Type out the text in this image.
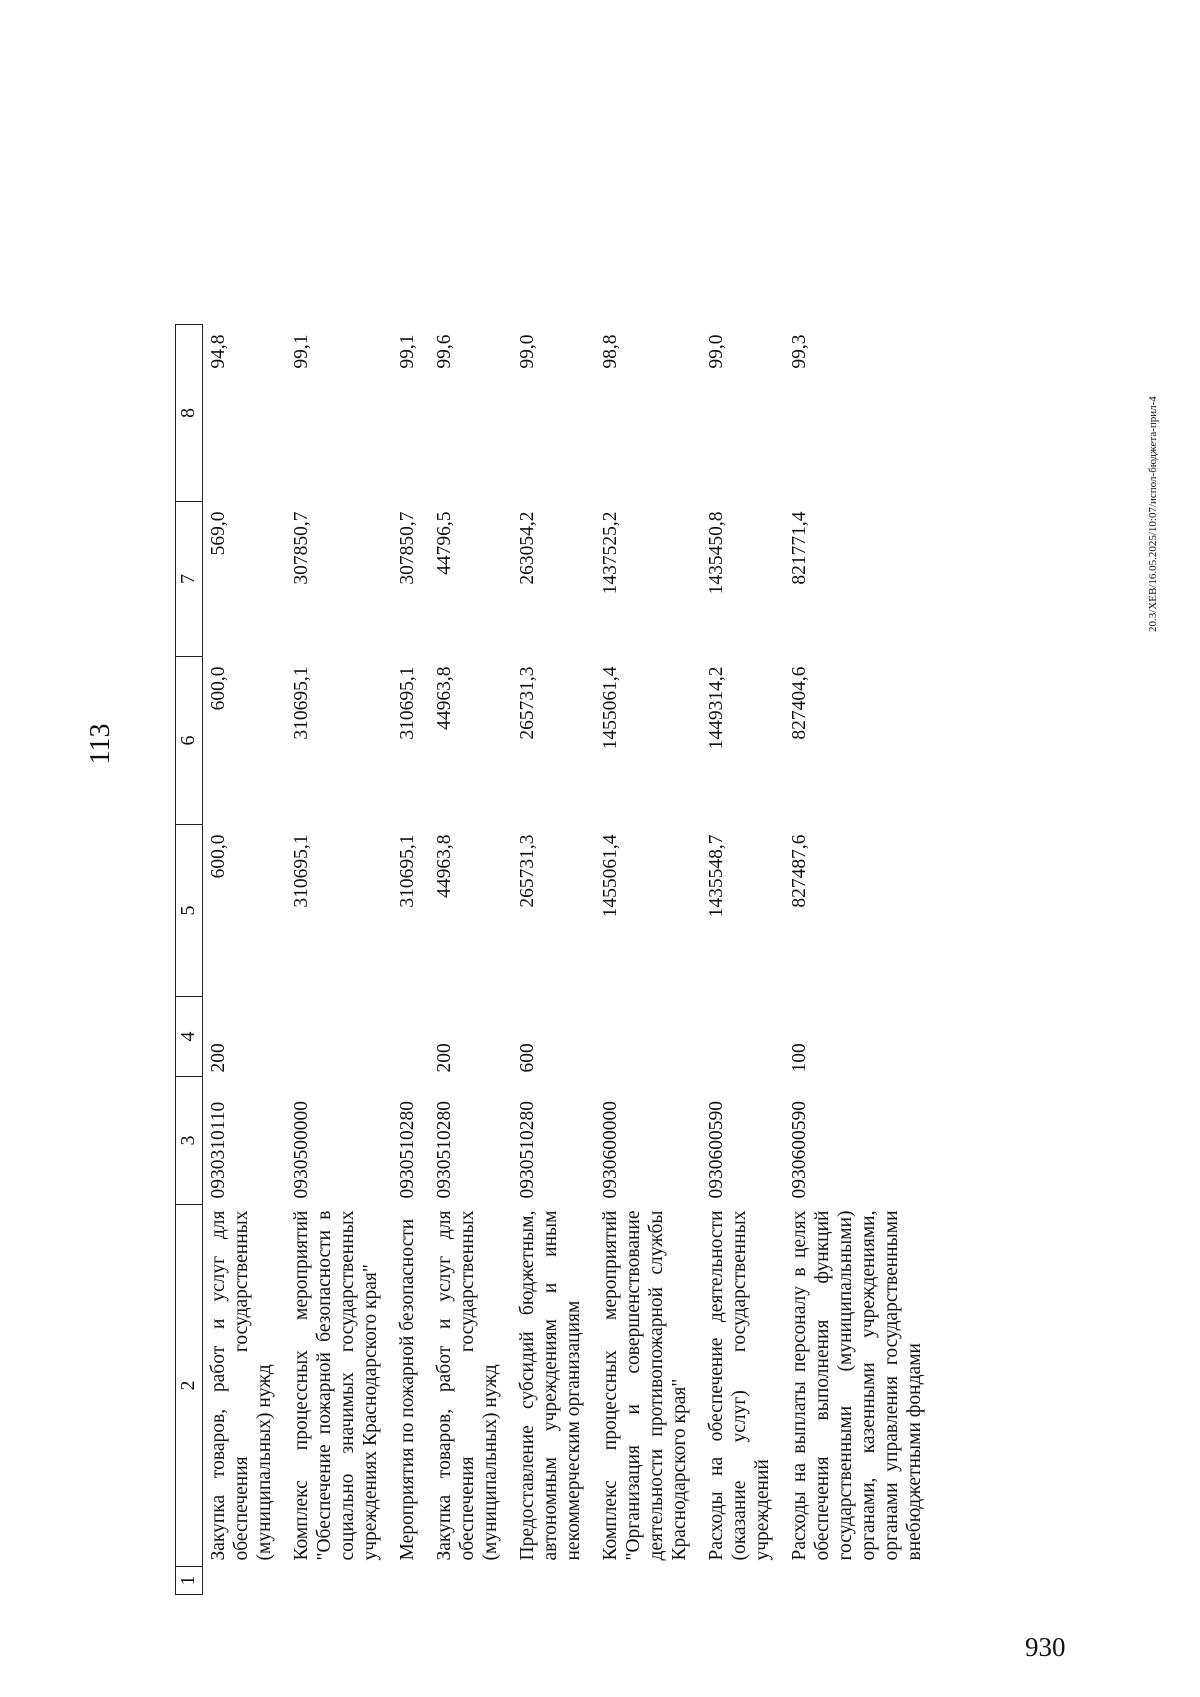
113
1	2	3	4	5	6	7	8
	Закупка товаров, работ и услуг для обеспечения государственных (муниципальных) нужд	0930310110	200	600,0	600,0	569,0	94,8
	Комплекс процессных мероприятий "Обеспечение пожарной безопасности в социально значимых государственных учреждениях Краснодарского края"	0930500000		310695,1	310695,1	307850,7	99,1
	Мероприятия по пожарной безопасности	0930510280		310695,1	310695,1	307850,7	99,1
	Закупка товаров, работ и услуг для обеспечения государственных (муниципальных) нужд	0930510280	200	44963,8	44963,8	44796,5	99,6
	Предоставление субсидий бюджетным, автономным учреждениям и иным некоммерческим организациям	0930510280	600	265731,3	265731,3	263054,2	99,0
	Комплекс процессных мероприятий "Организация и совершенствование деятельности противопожарной службы Краснодарского края"	0930600000		1455061,4	1455061,4	1437525,2	98,8
	Расходы на обеспечение деятельности (оказание услуг) государственных учреждений	0930600590		1435548,7	1449314,2	1435450,8	99,0
	Расходы на выплаты персоналу в целях обеспечения выполнения функций государственными (муниципальными) органами, казенными учреждениями, органами управления государственными внебюджетными фондами	0930600590	100	827487,6	827404,6	821771,4	99,3
20.3/XEB/16.05.2025/10:07/испол-бюджета-прил-4
930
